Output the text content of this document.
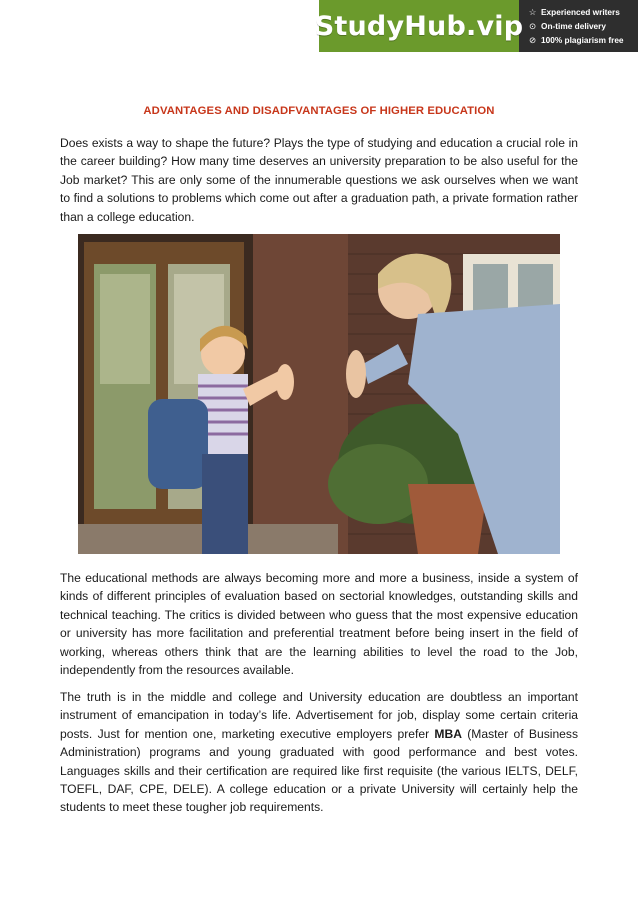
StudyHub.vip ☆ Experienced writers
⊙ On-time delivery
⊘ 100% plagiarism free
ADVANTAGES AND DISADFVANTAGES OF HIGHER EDUCATION

Does exists a way to shape the future? Plays the type of studying and education a crucial role in the career building? How many time deserves an university preparation to be also useful for the Job market? This are only some of the innumerable questions we ask ourselves when we want to find a solutions to problems which come out after a graduation path, a private formation rather than a college education.

The educational methods are always becoming more and more a business, inside a system of kinds of different principles of evaluation based on sectorial knowledges, outstanding skills and technical teaching. The critics is divided between who guess that the most expensive education or university has more facilitation and preferential treatment before being insert in the field of working, whereas others think that are the learning abilities to level the road to the Job, independently from the resources available.

The truth is in the middle and college and University education are doubtless an important instrument of emancipation in today’s life. Advertisement for job, display some certain criteria posts. Just for mention one, marketing executive employers prefer MBA (Master of Business Administration) programs and young graduated with good performance and best votes. Languages skills and their certification are required like first requisite (the various IELTS, DELF, TOEFL, DAF, CPE, DELE). A college education or a private University will certainly help the students to meet these tougher job requirements.
